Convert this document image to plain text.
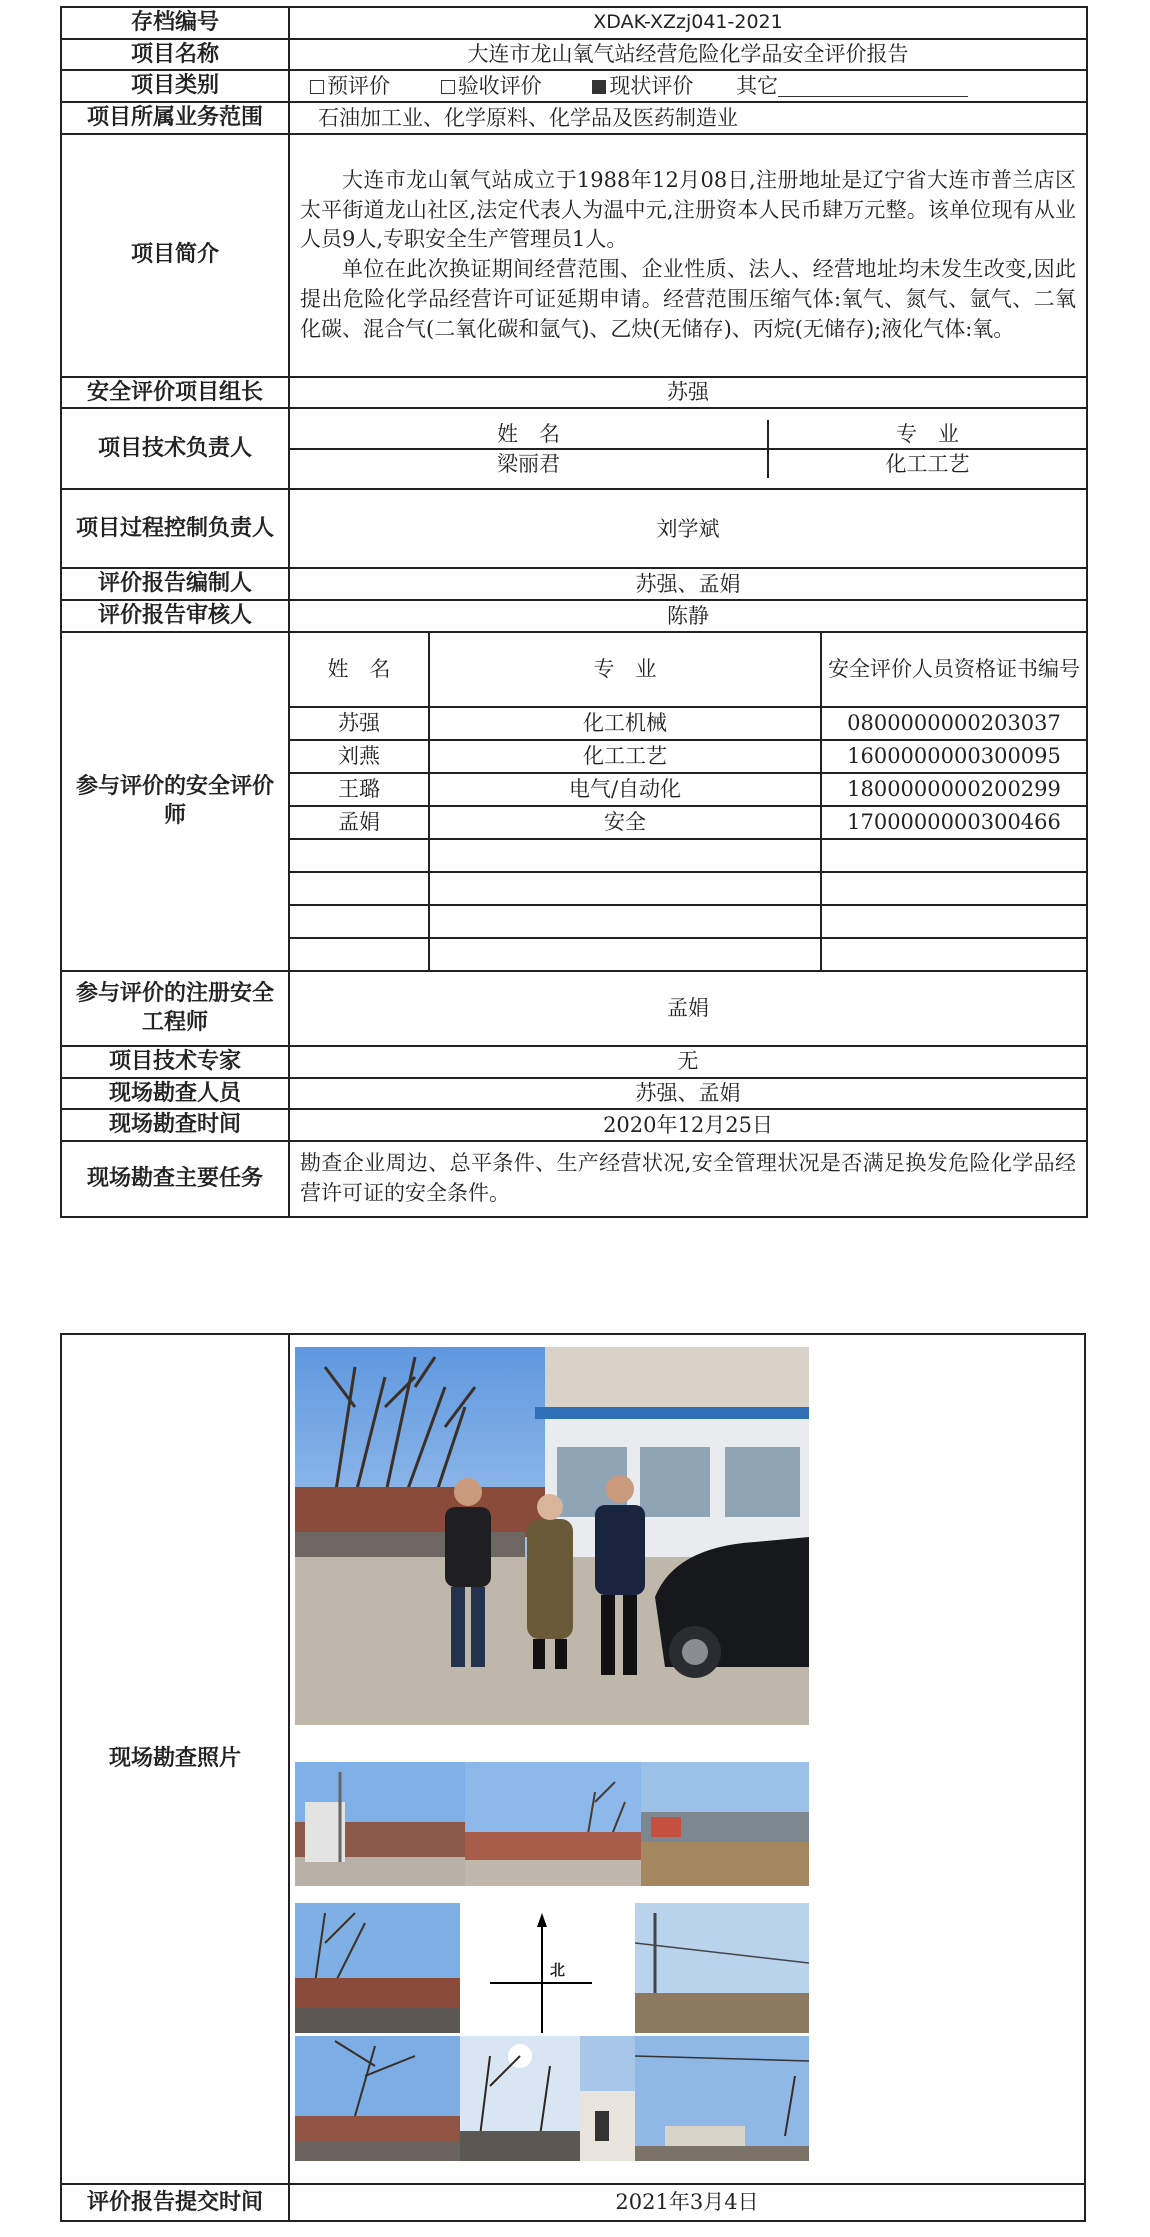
存档编号	XDAK-XZzj041-2021
项目名称	大连市龙山氧气站经营危险化学品安全评价报告
项目类别	预评价	验收评价	现状评价 其它
项目所属业务范围	石油加工业、化学原料、化学品及医药制造业
项目简介	

大连市龙山氧气站成立于1988年12月08日,注册地址是辽宁省大连市普兰店区太平街道龙山社区,法定代表人为温中元,注册资本人民币肆万元整。该单位现有从业人员9人,专职安全生产管理员1人。

单位在此次换证期间经营范围、企业性质、法人、经营地址均未发生改变,因此提出危险化学品经营许可证延期申请。经营范围压缩气体:氧气、氮气、氩气、二氧化碳、混合气(二氧化碳和氩气)、乙炔(无储存)、丙烷(无储存);液化气体:氧。

安全评价项目组长	苏强
项目技术负责人	
姓　名	专　业
梁丽君	化工工艺

项目过程控制负责人	刘学斌
评价报告编制人	苏强、孟娟
评价报告审核人	陈静
参与评价的安全评价师	姓　名	专　业	安全评价人员资格证书编号
苏强	化工机械	0800000000203037
刘燕	化工工艺	1600000000300095
王璐	电气/自动化	1800000000200299
孟娟	安全	1700000000300466

参与评价的注册安全工程师	孟娟
项目技术专家	无
现场勘查人员	苏强、孟娟
现场勘查时间	2020年12月25日
现场勘查主要任务	勘查企业周边、总平条件、生产经营状况,安全管理状况是否满足换发危险化学品经营许可证的安全条件。
现场勘查照片	
评价报告提交时间	2021年3月4日
北
